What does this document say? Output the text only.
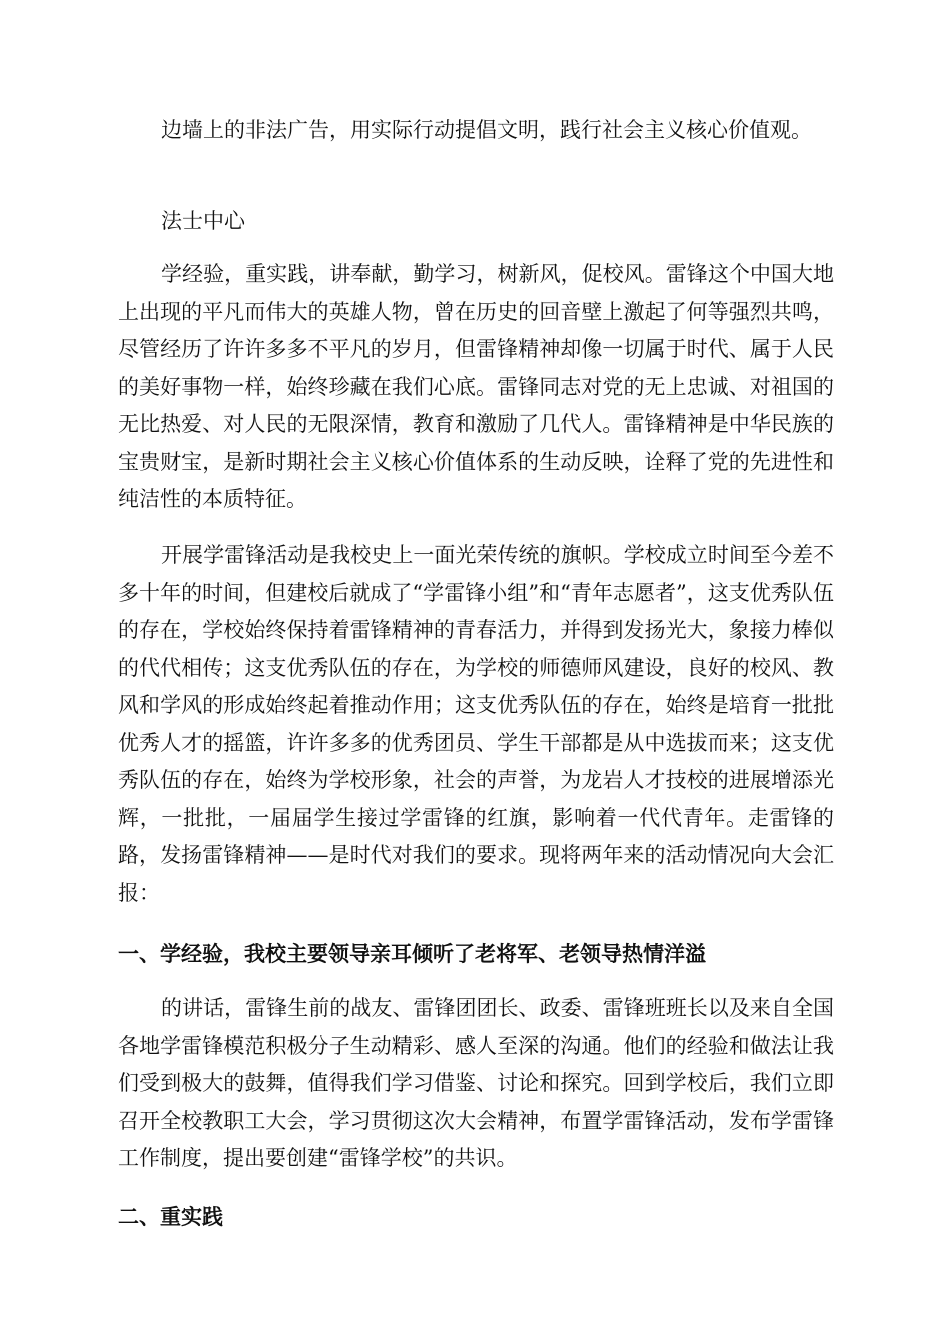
边墙上的非法广告，用实际行动提倡文明，践行社会主义核心价值观。

法士中心

学经验，重实践，讲奉献，勤学习，树新风，促校风。雷锋这个中国大地上出现的平凡而伟大的英雄人物，曾在历史的回音壁上激起了何等强烈共鸣，尽管经历了许许多多不平凡的岁月，但雷锋精神却像一切属于时代、属于人民的美好事物一样，始终珍藏在我们心底。雷锋同志对党的无上忠诚、对祖国的无比热爱、对人民的无限深情，教育和激励了几代人。雷锋精神是中华民族的宝贵财宝，是新时期社会主义核心价值体系的生动反映，诠释了党的先进性和纯洁性的本质特征。

开展学雷锋活动是我校史上一面光荣传统的旗帜。学校成立时间至今差不多十年的时间，但建校后就成了“学雷锋小组”和“青年志愿者”，这支优秀队伍的存在，学校始终保持着雷锋精神的青春活力，并得到发扬光大，象接力棒似的代代相传；这支优秀队伍的存在，为学校的师德师风建设，良好的校风、教风和学风的形成始终起着推动作用；这支优秀队伍的存在，始终是培育一批批优秀人才的摇篮，许许多多的优秀团员、学生干部都是从中选拔而来；这支优秀队伍的存在，始终为学校形象，社会的声誉，为龙岩人才技校的进展增添光辉，一批批，一届届学生接过学雷锋的红旗，影响着一代代青年。走雷锋的路，发扬雷锋精神——是时代对我们的要求。现将两年来的活动情况向大会汇报：

一、学经验，我校主要领导亲耳倾听了老将军、老领导热情洋溢

的讲话，雷锋生前的战友、雷锋团团长、政委、雷锋班班长以及来自全国各地学雷锋模范积极分子生动精彩、感人至深的沟通。他们的经验和做法让我们受到极大的鼓舞，值得我们学习借鉴、讨论和探究。回到学校后，我们立即召开全校教职工大会，学习贯彻这次大会精神，布置学雷锋活动，发布学雷锋工作制度，提出要创建“雷锋学校”的共识。

二、重实践
